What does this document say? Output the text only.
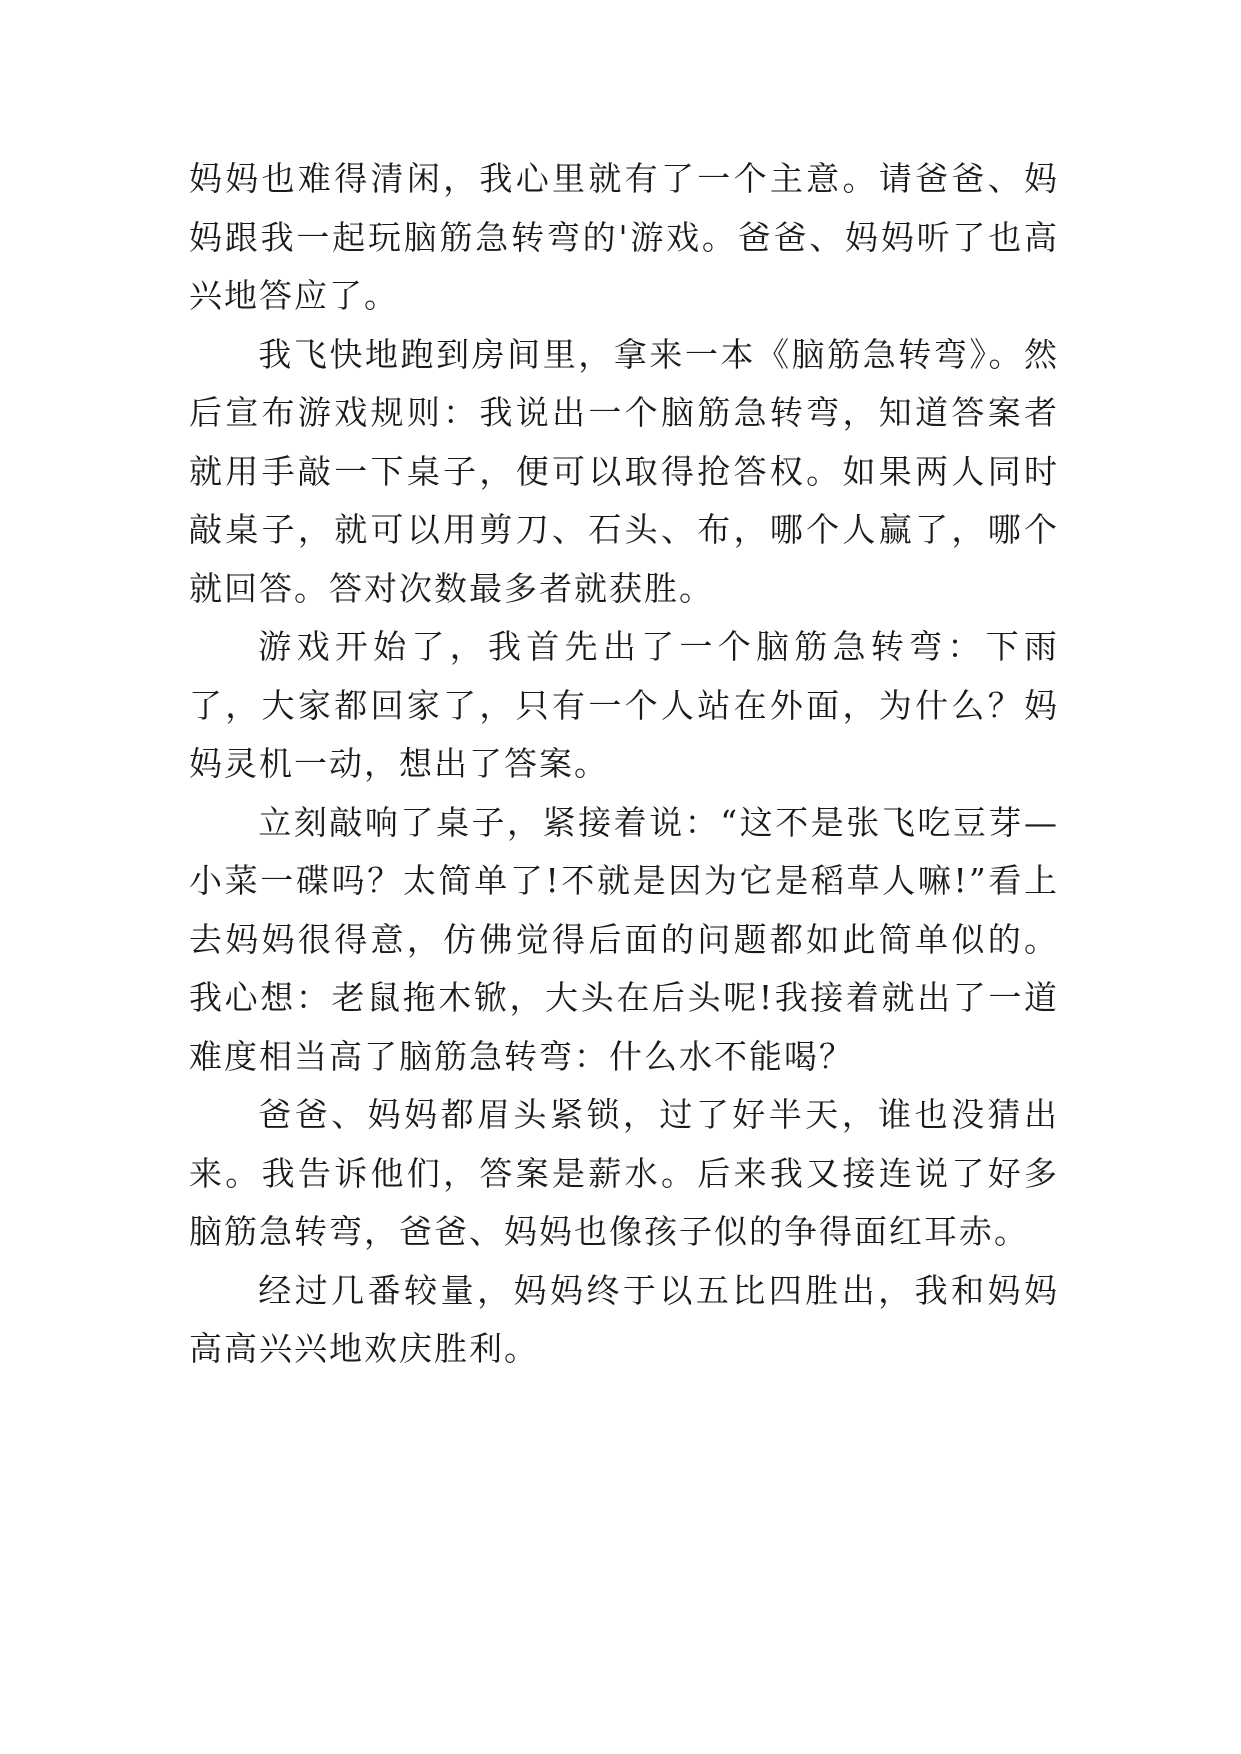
妈妈也难得清闲，我心里就有了一个主意。请爸爸、妈妈跟我一起玩脑筋急转弯的'游戏。爸爸、妈妈听了也高兴地答应了。

我飞快地跑到房间里，拿来一本《脑筋急转弯》。然后宣布游戏规则：我说出一个脑筋急转弯，知道答案者就用手敲一下桌子，便可以取得抢答权。如果两人同时敲桌子，就可以用剪刀、石头、布，哪个人赢了，哪个就回答。答对次数最多者就获胜。

游戏开始了，我首先出了一个脑筋急转弯：下雨了，大家都回家了，只有一个人站在外面，为什么？妈妈灵机一动，想出了答案。

立刻敲响了桌子，紧接着说：“这不是张飞吃豆芽—小菜一碟吗？太简单了!不就是因为它是稻草人嘛!”看上去妈妈很得意，仿佛觉得后面的问题都如此简单似的。我心想：老鼠拖木锨，大头在后头呢!我接着就出了一道难度相当高了脑筋急转弯：什么水不能喝？

爸爸、妈妈都眉头紧锁，过了好半天，谁也没猜出来。我告诉他们，答案是薪水。后来我又接连说了好多脑筋急转弯，爸爸、妈妈也像孩子似的争得面红耳赤。

经过几番较量，妈妈终于以五比四胜出，我和妈妈高高兴兴地欢庆胜利。
